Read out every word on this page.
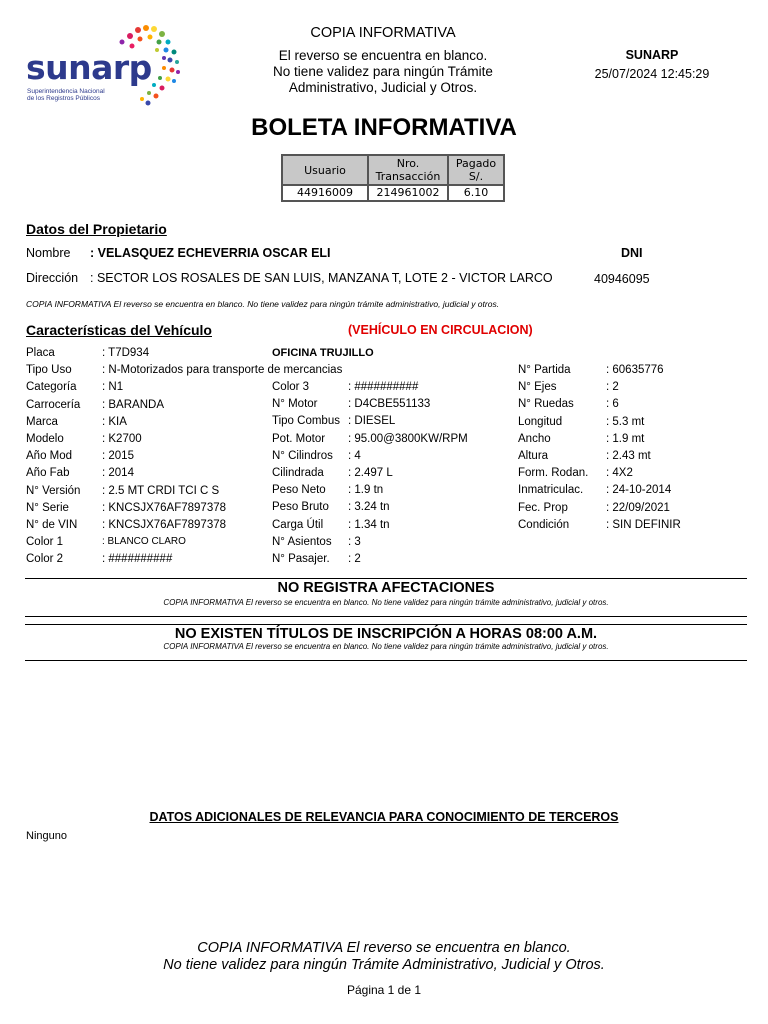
sunarp
Superintendencia Nacional
de los Registros Públicos
COPIA INFORMATIVA
El reverso se encuentra en blanco.
No tiene validez para ningún Trámite
Administrativo, Judicial y Otros.
SUNARP
25/07/2024 12:45:29
BOLETA INFORMATIVA
Usuario	Nro. Transacción	Pagado S/.
44916009	214961002	6.10
Datos del Propietario
Nombre : VELASQUEZ ECHEVERRIA OSCAR ELI	DNI
Dirección : SECTOR LOS ROSALES DE SAN LUIS, MANZANA T, LOTE 2 - VICTOR LARCO	40946095
COPIA INFORMATIVA El reverso se encuentra en blanco. No tiene validez para ningún trámite administrativo, judicial y otros.
Características del Vehículo	(VEHÍCULO EN CIRCULACION)
OFICINA TRUJILLO
Placa	: T7D934
Tipo Uso	: N-Motorizados para transporte de mercancias
Categoría : N1
Carrocería : BARANDA
Marca	: KIA
Modelo	: K2700
Año Mod	: 2015
Año Fab	: 2014
N° Versión : 2.5 MT CRDI TCI C S
N° Serie	: KNCSJX76AF7897378
N° de VIN : KNCSJX76AF7897378
Color 1	: BLANCO CLARO
Color 2	: ##########
Color 3	: ##########
N° Motor	: D4CBE551133
Tipo Combus : DIESEL
Pot. Motor : 95.00@3800KW/RPM
N° Cilindros : 4
Cilindrada : 2.497 L
Peso Neto : 1.9 tn
Peso Bruto : 3.24 tn
Carga Útil : 1.34 tn
N° Asientos : 3
N° Pasajer. : 2
N° Partida	: 60635776
N° Ejes	: 2
N° Ruedas	: 6
Longitud	: 5.3 mt
Ancho	: 1.9 mt
Altura	: 2.43 mt
Form. Rodan. : 4X2
Inmatriculac. : 24-10-2014
Fec. Prop	: 22/09/2021
Condición	: SIN DEFINIR
NO REGISTRA AFECTACIONES
COPIA INFORMATIVA El reverso se encuentra en blanco. No tiene validez para ningún trámite administrativo, judicial y otros.
NO EXISTEN TÍTULOS DE INSCRIPCIÓN A HORAS 08:00 A.M.
COPIA INFORMATIVA El reverso se encuentra en blanco. No tiene validez para ningún trámite administrativo, judicial y otros.
DATOS ADICIONALES DE RELEVANCIA PARA CONOCIMIENTO DE TERCEROS
Ninguno
COPIA INFORMATIVA El reverso se encuentra en blanco.
No tiene validez para ningún Trámite Administrativo, Judicial y Otros.
Página 1 de 1
